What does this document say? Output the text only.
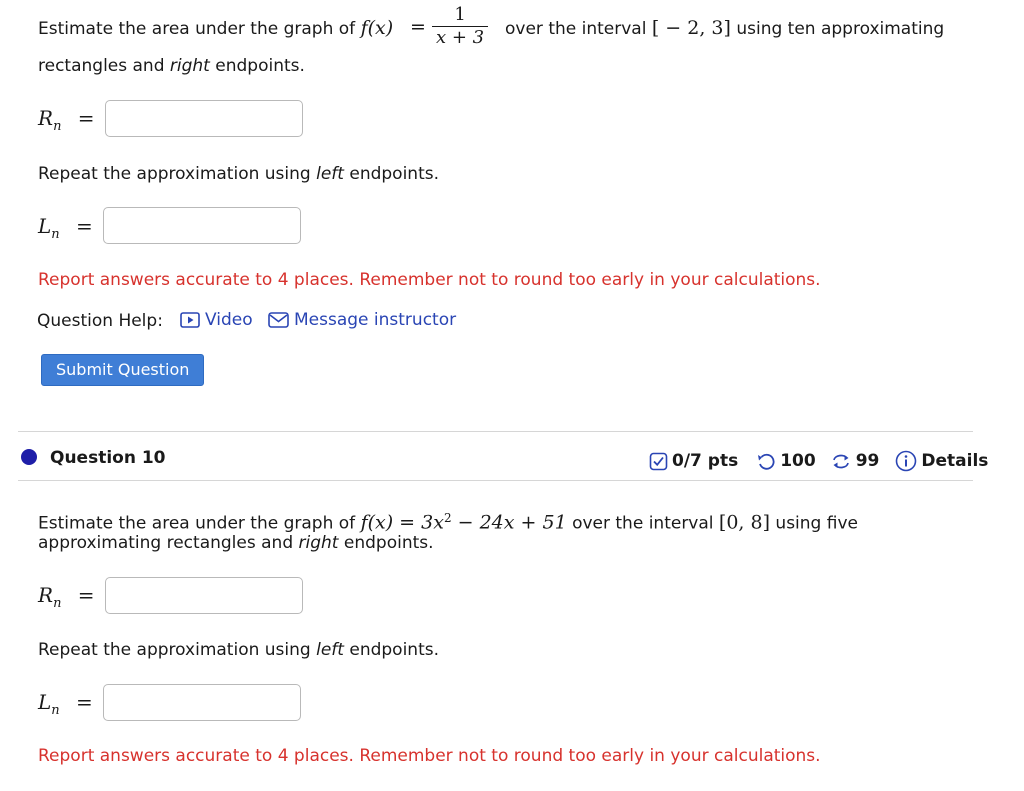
Estimate the area under the graph of $f(x) = \frac{1}{x + 3}$ over the interval [ − 2, 3] using ten approximating
rectangles and right endpoints.
$R_n$ =
Repeat the approximation using left endpoints.
$L_n$ =
Report answers accurate to 4 places. Remember not to round too early in your calculations.
Question Help: Video Message instructor
Submit Question
Question 10	0/7 pts 100 99 Details
Estimate the area under the graph of $f(x) = 3x^2 - 24x + 51$ over the interval [0, 8] using five
approximating rectangles and right endpoints.
$R_n$ =
Repeat the approximation using left endpoints.
$L_n$ =
Report answers accurate to 4 places. Remember not to round too early in your calculations.
